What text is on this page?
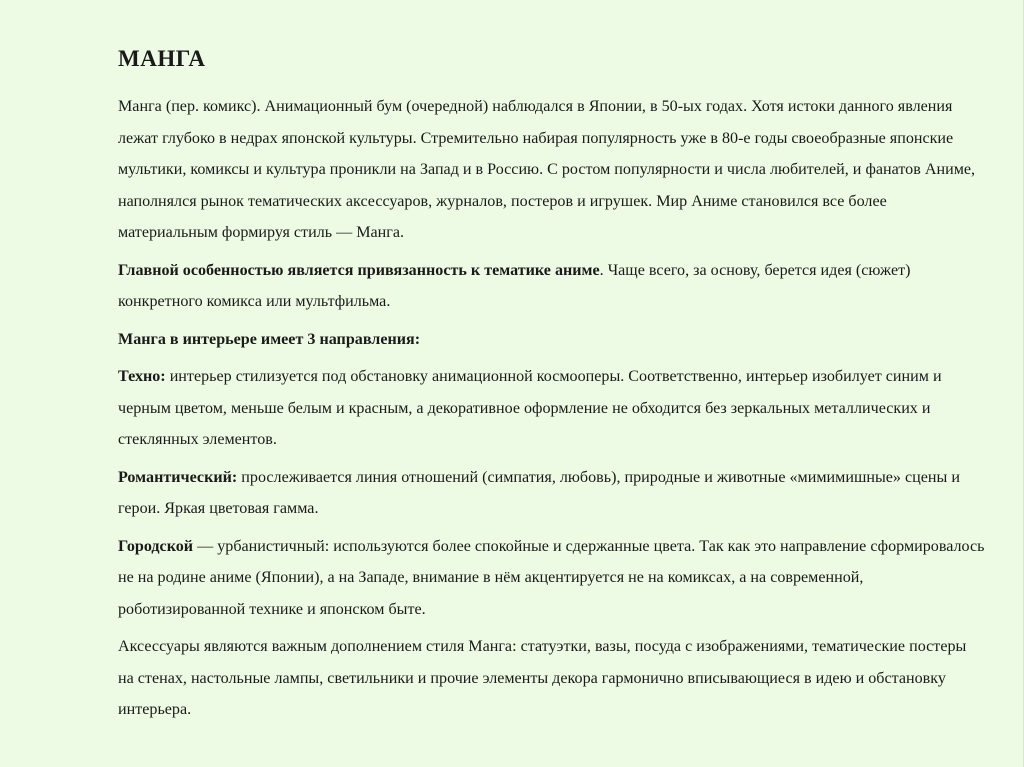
МАНГА

Манга (пер. комикс). Анимационный бум (очередной) наблюдался в Японии, в 50-ых годах. Хотя истоки данного явления лежат глубоко в недрах японской культуры. Стремительно набирая популярность уже в 80-е годы своеобразные японские мультики, комиксы и культура проникли на Запад и в Россию. С ростом популярности и числа любителей, и фанатов Аниме, наполнялся рынок тематических аксессуаров, журналов, постеров и игрушек. Мир Аниме становился все более материальным формируя стиль — Манга.

Главной особенностью является привязанность к тематике аниме. Чаще всего, за основу, берется идея (сюжет) конкретного комикса или мультфильма.

Манга в интерьере имеет 3 направления:

Техно: интерьер стилизуется под обстановку анимационной космооперы. Соответственно, интерьер изобилует синим и черным цветом, меньше белым и красным, а декоративное оформление не обходится без зеркальных металлических и стеклянных элементов.

Романтический: прослеживается линия отношений (симпатия, любовь), природные и животные «мимимишные» сцены и герои. Яркая цветовая гамма.

Городской — урбанистичный: используются более спокойные и сдержанные цвета. Так как это направление сформировалось не на родине аниме (Японии), а на Западе, внимание в нём акцентируется не на комиксах, а на современной, роботизированной технике и японском быте.

Аксессуары являются важным дополнением стиля Манга: статуэтки, вазы, посуда с изображениями, тематические постеры на стенах, настольные лампы, светильники и прочие элементы декора гармонично вписывающиеся в идею и обстановку интерьера.
